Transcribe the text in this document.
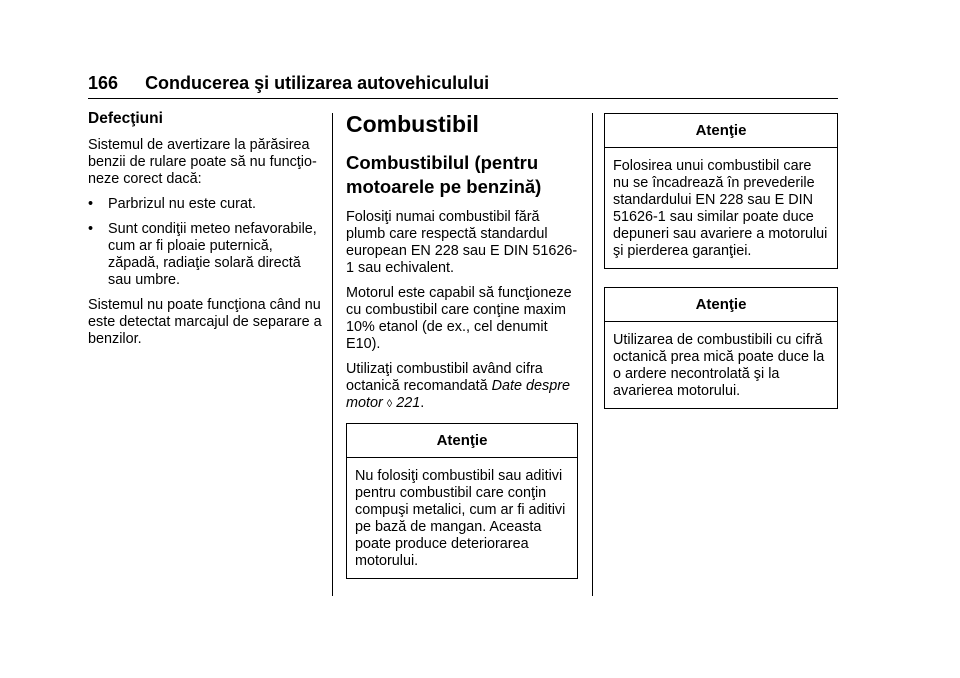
166 Conducerea şi utilizarea autovehiculului
Defecţiuni

Sistemul de avertizare la părăsirea benzii de rulare poate să nu funcţio-neze corect dacă:

• Parbrizul nu este curat.
• Sunt condiţii meteo nefavorabile, cum ar fi ploaie puternică, zăpadă, radiaţie solară directă sau umbre.

Sistemul nu poate funcţiona când nu este detectat marcajul de separare a benzilor.

Combustibil
Combustibilul (pentru motoarele pe benzină)

Folosiţi numai combustibil fără plumb care respectă standardul european EN 228 sau E DIN 51626-1 sau echivalent.

Motorul este capabil să funcţioneze cu combustibil care conţine maxim 10% etanol (de ex., cel denumit E10).

Utilizaţi combustibil având cifra octanică recomandată Date despre motor ◊ 221.

Atenţie
Nu folosiţi combustibil sau aditivi pentru combustibil care conţin compuşi metalici, cum ar fi aditivi pe bază de mangan. Aceasta poate produce deteriorarea motorului.
Atenţie
Folosirea unui combustibil care nu se încadrează în prevederile standardului EN 228 sau E DIN 51626-1 sau similar poate duce depuneri sau avariere a motorului şi pierderea garanţiei.
Atenţie
Utilizarea de combustibili cu cifră octanică prea mică poate duce la o ardere necontrolată şi la avarierea motorului.
